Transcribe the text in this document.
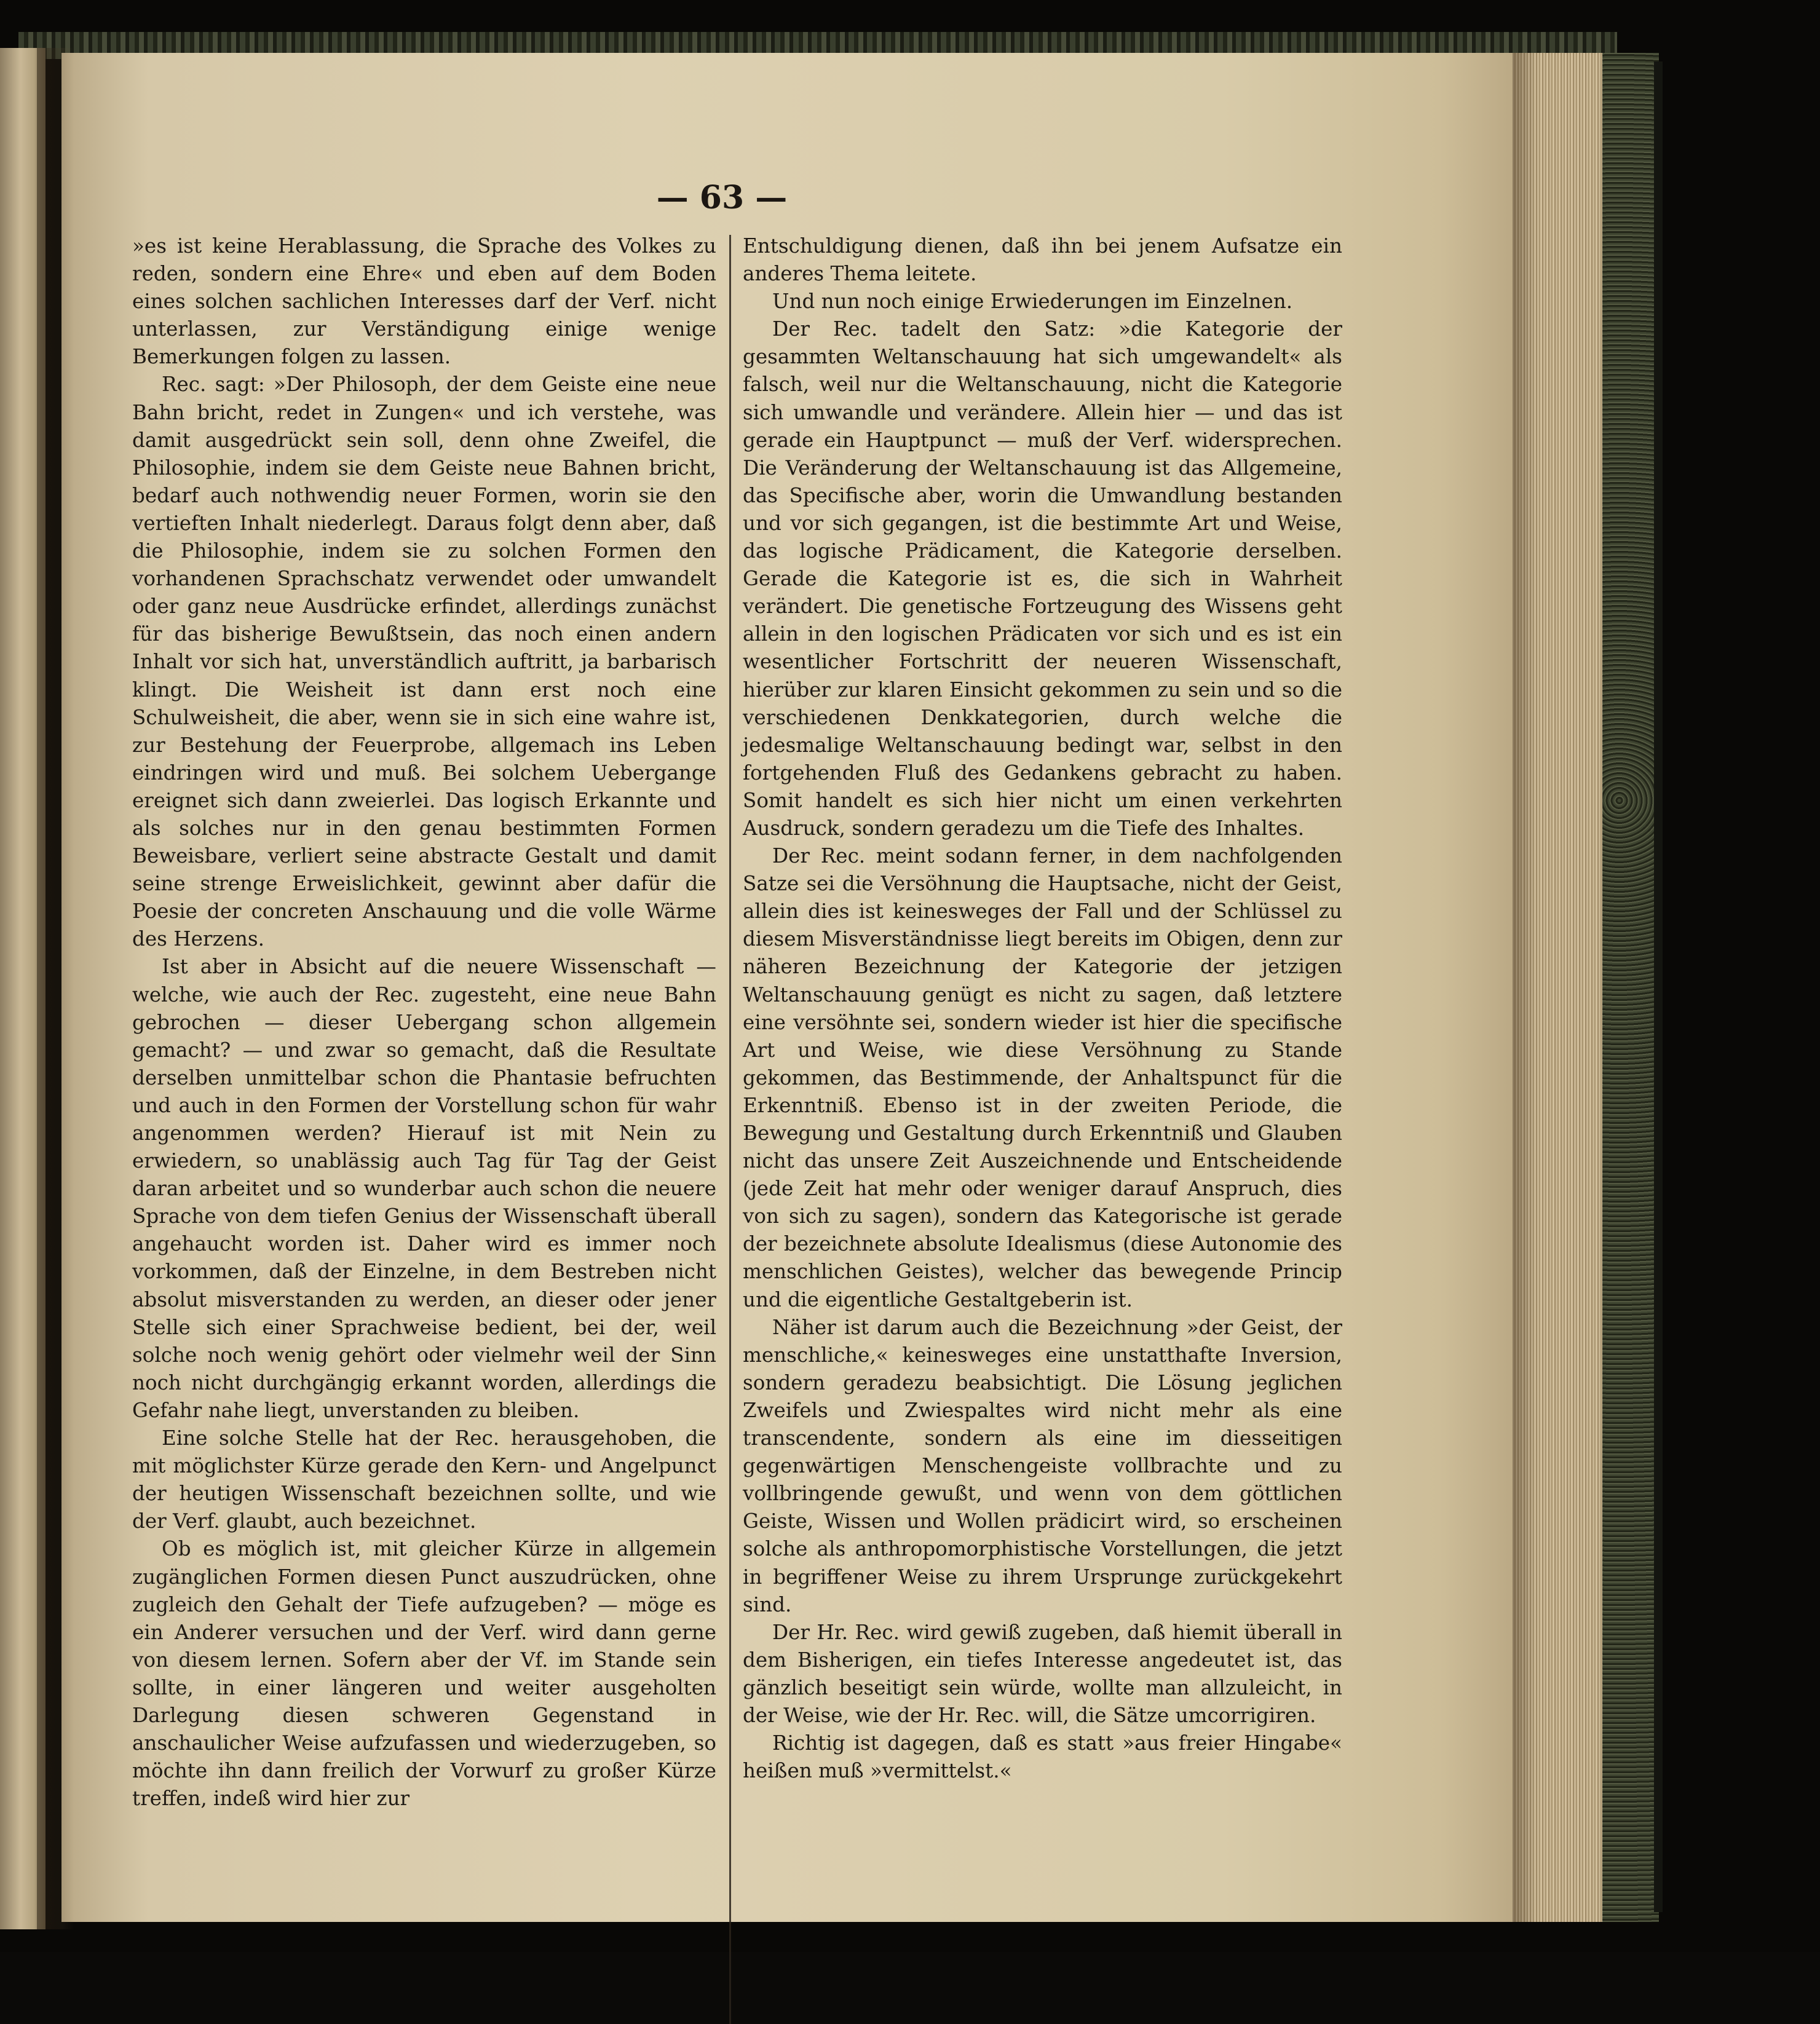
— 63 —

»es ist keine Herablassung, die Sprache des Volkes zu reden, sondern eine Ehre« und eben auf dem Boden eines solchen sachlichen Interesses darf der Verf. nicht unterlassen, zur Verständigung einige wenige Bemerkungen folgen zu lassen.

Rec. sagt: »Der Philosoph, der dem Geiste eine neue Bahn bricht, redet in Zungen« und ich verstehe, was damit ausgedrückt sein soll, denn ohne Zweifel, die Philosophie, indem sie dem Geiste neue Bahnen bricht, bedarf auch nothwendig neuer Formen, worin sie den vertieften Inhalt niederlegt. Daraus folgt denn aber, daß die Philosophie, indem sie zu solchen Formen den vorhandenen Sprachschatz verwendet oder umwandelt oder ganz neue Ausdrücke erfindet, allerdings zunächst für das bisherige Bewußtsein, das noch einen andern Inhalt vor sich hat, unverständlich auftritt, ja barbarisch klingt. Die Weisheit ist dann erst noch eine Schulweisheit, die aber, wenn sie in sich eine wahre ist, zur Bestehung der Feuerprobe, allgemach ins Leben eindringen wird und muß. Bei solchem Uebergange ereignet sich dann zweierlei. Das logisch Erkannte und als solches nur in den genau bestimmten Formen Beweisbare, verliert seine abstracte Gestalt und damit seine strenge Erweislichkeit, gewinnt aber dafür die Poesie der concreten Anschauung und die volle Wärme des Herzens.

Ist aber in Absicht auf die neuere Wissenschaft — welche, wie auch der Rec. zugesteht, eine neue Bahn gebrochen — dieser Uebergang schon allgemein gemacht? — und zwar so gemacht, daß die Resultate derselben unmittelbar schon die Phantasie befruchten und auch in den Formen der Vorstellung schon für wahr angenommen werden? Hierauf ist mit Nein zu erwiedern, so unablässig auch Tag für Tag der Geist daran arbeitet und so wunderbar auch schon die neuere Sprache von dem tiefen Genius der Wissenschaft überall angehaucht worden ist. Daher wird es immer noch vorkommen, daß der Einzelne, in dem Bestreben nicht absolut misverstanden zu werden, an dieser oder jener Stelle sich einer Sprachweise bedient, bei der, weil solche noch wenig gehört oder vielmehr weil der Sinn noch nicht durchgängig erkannt worden, allerdings die Gefahr nahe liegt, unverstanden zu bleiben.

Eine solche Stelle hat der Rec. herausgehoben, die mit möglichster Kürze gerade den Kern- und Angelpunct der heutigen Wissenschaft bezeichnen sollte, und wie der Verf. glaubt, auch bezeichnet.

Ob es möglich ist, mit gleicher Kürze in allgemein zugänglichen Formen diesen Punct auszudrücken, ohne zugleich den Gehalt der Tiefe aufzugeben? — möge es ein Anderer versuchen und der Verf. wird dann gerne von diesem lernen. Sofern aber der Vf. im Stande sein sollte, in einer längeren und weiter ausgeholten Darlegung diesen schweren Gegenstand in anschaulicher Weise aufzufassen und wiederzugeben, so möchte ihn dann freilich der Vorwurf zu großer Kürze treffen, indeß wird hier zur

Entschuldigung dienen, daß ihn bei jenem Aufsatze ein anderes Thema leitete.

Und nun noch einige Erwiederungen im Einzelnen.

Der Rec. tadelt den Satz: »die Kategorie der gesammten Weltanschauung hat sich umgewandelt« als falsch, weil nur die Weltanschauung, nicht die Kategorie sich umwandle und verändere. Allein hier — und das ist gerade ein Hauptpunct — muß der Verf. widersprechen. Die Veränderung der Weltanschauung ist das Allgemeine, das Specifische aber, worin die Umwandlung bestanden und vor sich gegangen, ist die bestimmte Art und Weise, das logische Prädicament, die Kategorie derselben. Gerade die Kategorie ist es, die sich in Wahrheit verändert. Die genetische Fortzeugung des Wissens geht allein in den logischen Prädicaten vor sich und es ist ein wesentlicher Fortschritt der neueren Wissenschaft, hierüber zur klaren Einsicht gekommen zu sein und so die verschiedenen Denkkategorien, durch welche die jedesmalige Weltanschauung bedingt war, selbst in den fortgehenden Fluß des Gedankens gebracht zu haben. Somit handelt es sich hier nicht um einen verkehrten Ausdruck, sondern geradezu um die Tiefe des Inhaltes.

Der Rec. meint sodann ferner, in dem nachfolgenden Satze sei die Versöhnung die Hauptsache, nicht der Geist, allein dies ist keinesweges der Fall und der Schlüssel zu diesem Misverständnisse liegt bereits im Obigen, denn zur näheren Bezeichnung der Kategorie der jetzigen Weltanschauung genügt es nicht zu sagen, daß letztere eine versöhnte sei, sondern wieder ist hier die specifische Art und Weise, wie diese Versöhnung zu Stande gekommen, das Bestimmende, der Anhaltspunct für die Erkenntniß. Ebenso ist in der zweiten Periode, die Bewegung und Gestaltung durch Erkenntniß und Glauben nicht das unsere Zeit Auszeichnende und Entscheidende (jede Zeit hat mehr oder weniger darauf Anspruch, dies von sich zu sagen), sondern das Kategorische ist gerade der bezeichnete absolute Idealismus (diese Autonomie des menschlichen Geistes), welcher das bewegende Princip und die eigentliche Gestaltgeberin ist.

Näher ist darum auch die Bezeichnung »der Geist, der menschliche,« keinesweges eine unstatthafte Inversion, sondern geradezu beabsichtigt. Die Lösung jeglichen Zweifels und Zwiespaltes wird nicht mehr als eine transcendente, sondern als eine im diesseitigen gegenwärtigen Menschengeiste vollbrachte und zu vollbringende gewußt, und wenn von dem göttlichen Geiste, Wissen und Wollen prädicirt wird, so erscheinen solche als anthropomorphistische Vorstellungen, die jetzt in begriffener Weise zu ihrem Ursprunge zurückgekehrt sind.

Der Hr. Rec. wird gewiß zugeben, daß hiemit überall in dem Bisherigen, ein tiefes Interesse angedeutet ist, das gänzlich beseitigt sein würde, wollte man allzuleicht, in der Weise, wie der Hr. Rec. will, die Sätze umcorrigiren.

Richtig ist dagegen, daß es statt »aus freier Hingabe« heißen muß »vermittelst.«
